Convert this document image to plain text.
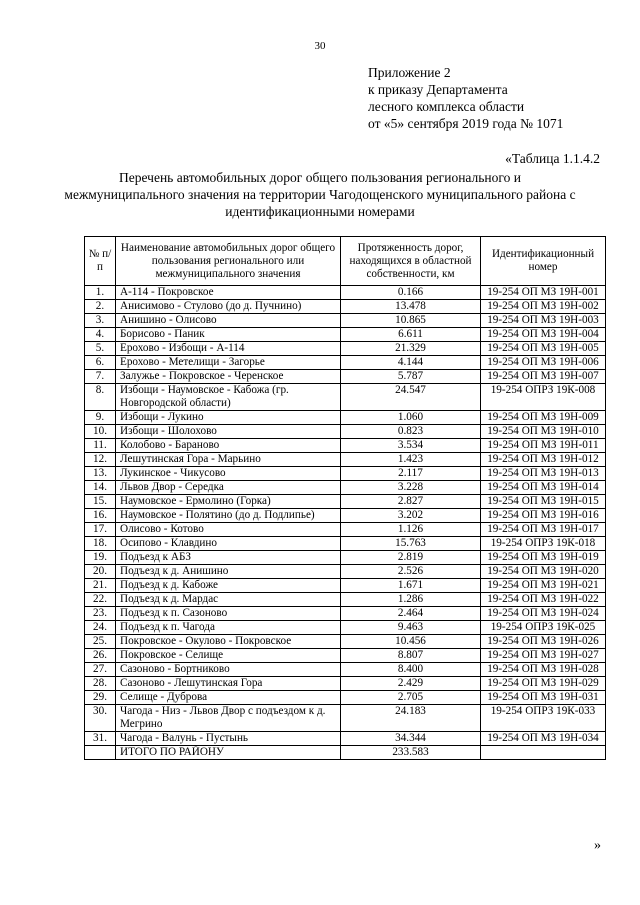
30
Приложение 2
к приказу Департамента
лесного комплекса области
от «5» сентября 2019 года № 1071
«Таблица 1.1.4.2
Перечень автомобильных дорог общего пользования регионального и межмуниципального значения на территории Чагодощенского муниципального района с идентификационными номерами
№ п/п	Наименование автомобильных дорог общего пользования регионального или межмуниципального значения	Протяженность дорог, находящихся в областной собственности, км	Идентификационный номер
1.	А-114 - Покровское	0.166	19-254 ОП МЗ 19Н-001
2.	Анисимово - Стулово (до д. Пучнино)	13.478	19-254 ОП МЗ 19Н-002
3.	Анишино - Олисово	10.865	19-254 ОП МЗ 19Н-003
4.	Борисово - Паник	6.611	19-254 ОП МЗ 19Н-004
5.	Ерохово - Избощи - А-114	21.329	19-254 ОП МЗ 19Н-005
6.	Ерохово - Метелищи - Загорье	4.144	19-254 ОП МЗ 19Н-006
7.	Залужье - Покровское - Черенское	5.787	19-254 ОП МЗ 19Н-007
8.	Избощи - Наумовское - Кабожа (гр. Новгородской области)	24.547	19-254 ОПРЗ 19К-008
9.	Избощи - Лукино	1.060	19-254 ОП МЗ 19Н-009
10.	Избощи - Шолохово	0.823	19-254 ОП МЗ 19Н-010
11.	Колобово - Бараново	3.534	19-254 ОП МЗ 19Н-011
12.	Лешутинская Гора - Марьино	1.423	19-254 ОП МЗ 19Н-012
13.	Лукинское - Чикусово	2.117	19-254 ОП МЗ 19Н-013
14.	Львов Двор - Середка	3.228	19-254 ОП МЗ 19Н-014
15.	Наумовское - Ермолино (Горка)	2.827	19-254 ОП МЗ 19Н-015
16.	Наумовское - Полятино (до д. Подлипье)	3.202	19-254 ОП МЗ 19Н-016
17.	Олисово - Котово	1.126	19-254 ОП МЗ 19Н-017
18.	Осипово - Клавдино	15.763	19-254 ОПРЗ 19К-018
19.	Подъезд к АБЗ	2.819	19-254 ОП МЗ 19Н-019
20.	Подъезд к д. Анишино	2.526	19-254 ОП МЗ 19Н-020
21.	Подъезд к д. Кабоже	1.671	19-254 ОП МЗ 19Н-021
22.	Подъезд к д. Мардас	1.286	19-254 ОП МЗ 19Н-022
23.	Подъезд к п. Сазоново	2.464	19-254 ОП МЗ 19Н-024
24.	Подъезд к п. Чагода	9.463	19-254 ОПРЗ 19К-025
25.	Покровское - Окулово - Покровское	10.456	19-254 ОП МЗ 19Н-026
26.	Покровское - Селище	8.807	19-254 ОП МЗ 19Н-027
27.	Сазоново - Бортниково	8.400	19-254 ОП МЗ 19Н-028
28.	Сазоново - Лешутинская Гора	2.429	19-254 ОП МЗ 19Н-029
29.	Селище - Дуброва	2.705	19-254 ОП МЗ 19Н-031
30.	Чагода - Низ - Львов Двор с подъездом к д. Мегрино	24.183	19-254 ОПРЗ 19К-033
31.	Чагода - Валунь - Пустынь	34.344	19-254 ОП МЗ 19Н-034
	ИТОГО ПО РАЙОНУ	233.583	
»
